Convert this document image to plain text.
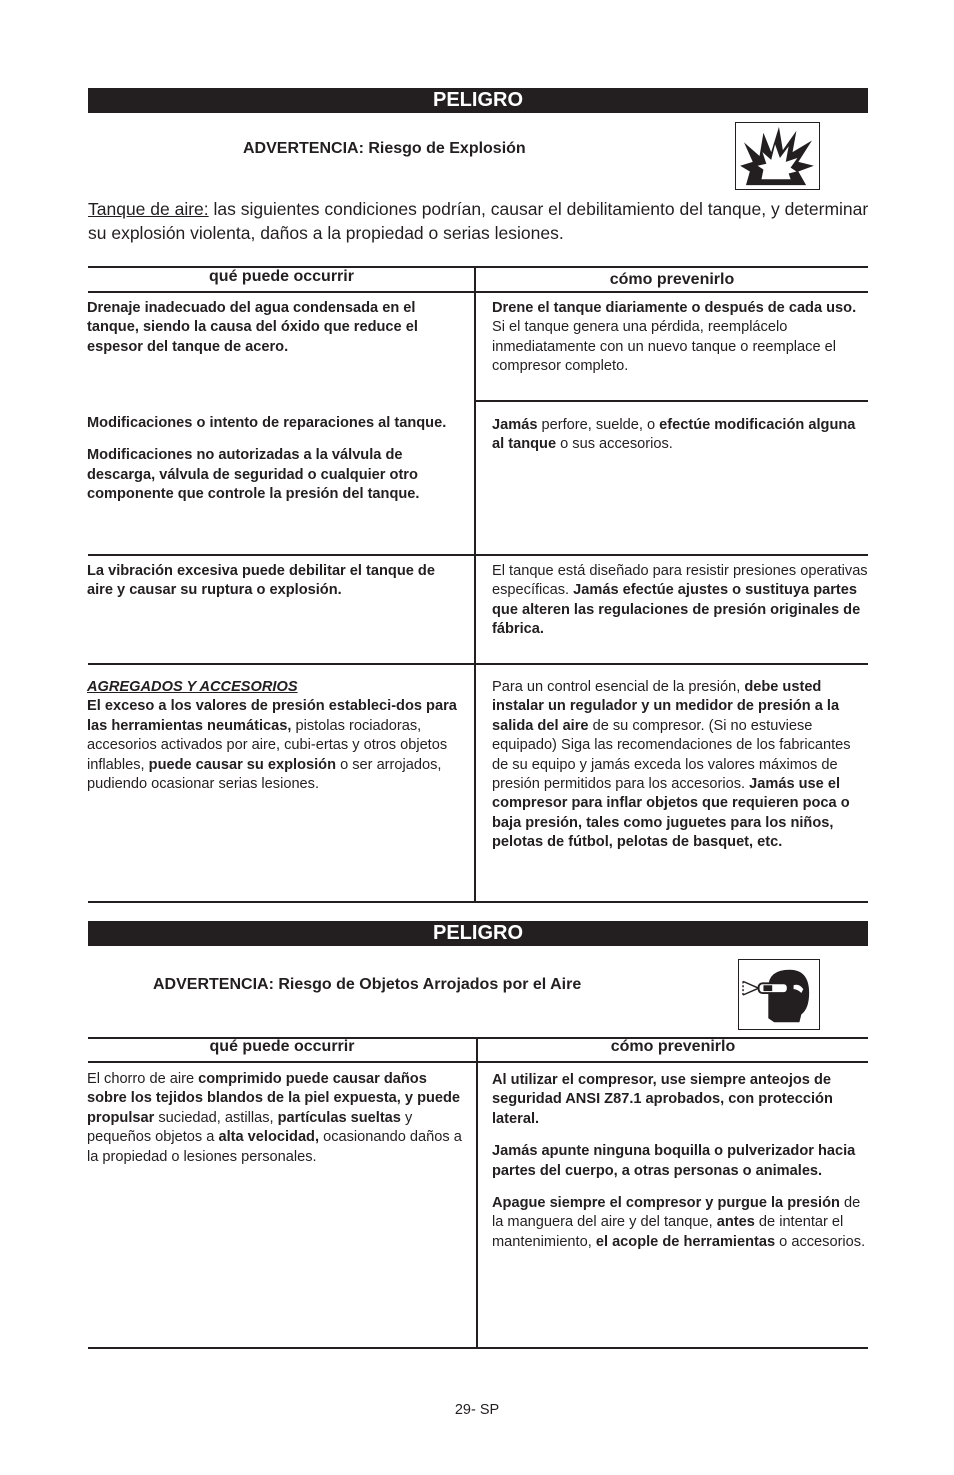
PELIGRO
ADVERTENCIA: Riesgo de Explosión
Tanque de aire: las siguientes condiciones podrían, causar el debilitamiento del tanque, y determinar su explosión violenta, daños a la propiedad o serias lesiones.
qué puede occurrir	cómo prevenirlo

Drenaje inadecuado del agua condensada en el tanque, siendo la causa del óxido que reduce el espesor del tanque de acero.

Drene el tanque diariamente o después de cada uso. Si el tanque genera una pérdida, reemplácelo inmediatamente con un nuevo tanque o reemplace el compresor completo.

Modificaciones o intento de reparaciones al tanque.

Modificaciones no autorizadas a la válvula de descarga, válvula de seguridad o cualquier otro componente que controle la presión del tanque.

Jamás perfore, suelde, o efectúe modificación alguna al tanque o sus accesorios.

La vibración excesiva puede debilitar el tanque de aire y causar su ruptura o explosión.

El tanque está diseñado para resistir presiones operativas específicas. Jamás efectúe ajustes o sustituya partes que alteren las regulaciones de presión originales de fábrica.

AGREGADOS Y ACCESORIOS

El exceso a los valores de presión estableci-dos para las herramientas neumáticas, pistolas rociadoras, accesorios activados por aire, cubi-ertas y otros objetos inflables, puede causar su explosión o ser arrojados, pudiendo ocasionar serias lesiones.

Para un control esencial de la presión, debe usted instalar un regulador y un medidor de presión a la salida del aire de su compresor. (Si no estuviese equipado) Siga las recomendaciones de los fabricantes de su equipo y jamás exceda los valores máximos de presión permitidos para los accesorios. Jamás use el compresor para inflar objetos que requieren poca o baja presión, tales como juguetes para los niños, pelotas de fútbol, pelotas de basquet, etc.

PELIGRO
ADVERTENCIA: Riesgo de Objetos Arrojados por el Aire
qué puede occurrir	cómo prevenirlo

El chorro de aire comprimido puede causar daños sobre los tejidos blandos de la piel expuesta, y puede propulsar suciedad, astillas, partículas sueltas y pequeños objetos a alta velocidad, ocasionando daños a la propiedad o lesiones personales.

Al utilizar el compresor, use siempre anteojos de seguridad ANSI Z87.1 aprobados, con protección lateral.

Jamás apunte ninguna boquilla o pulverizador hacia partes del cuerpo, a otras personas o animales.

Apague siempre el compresor y purgue la presión de la manguera del aire y del tanque, antes de intentar el mantenimiento, el acople de herramientas o accesorios.

29- SP
